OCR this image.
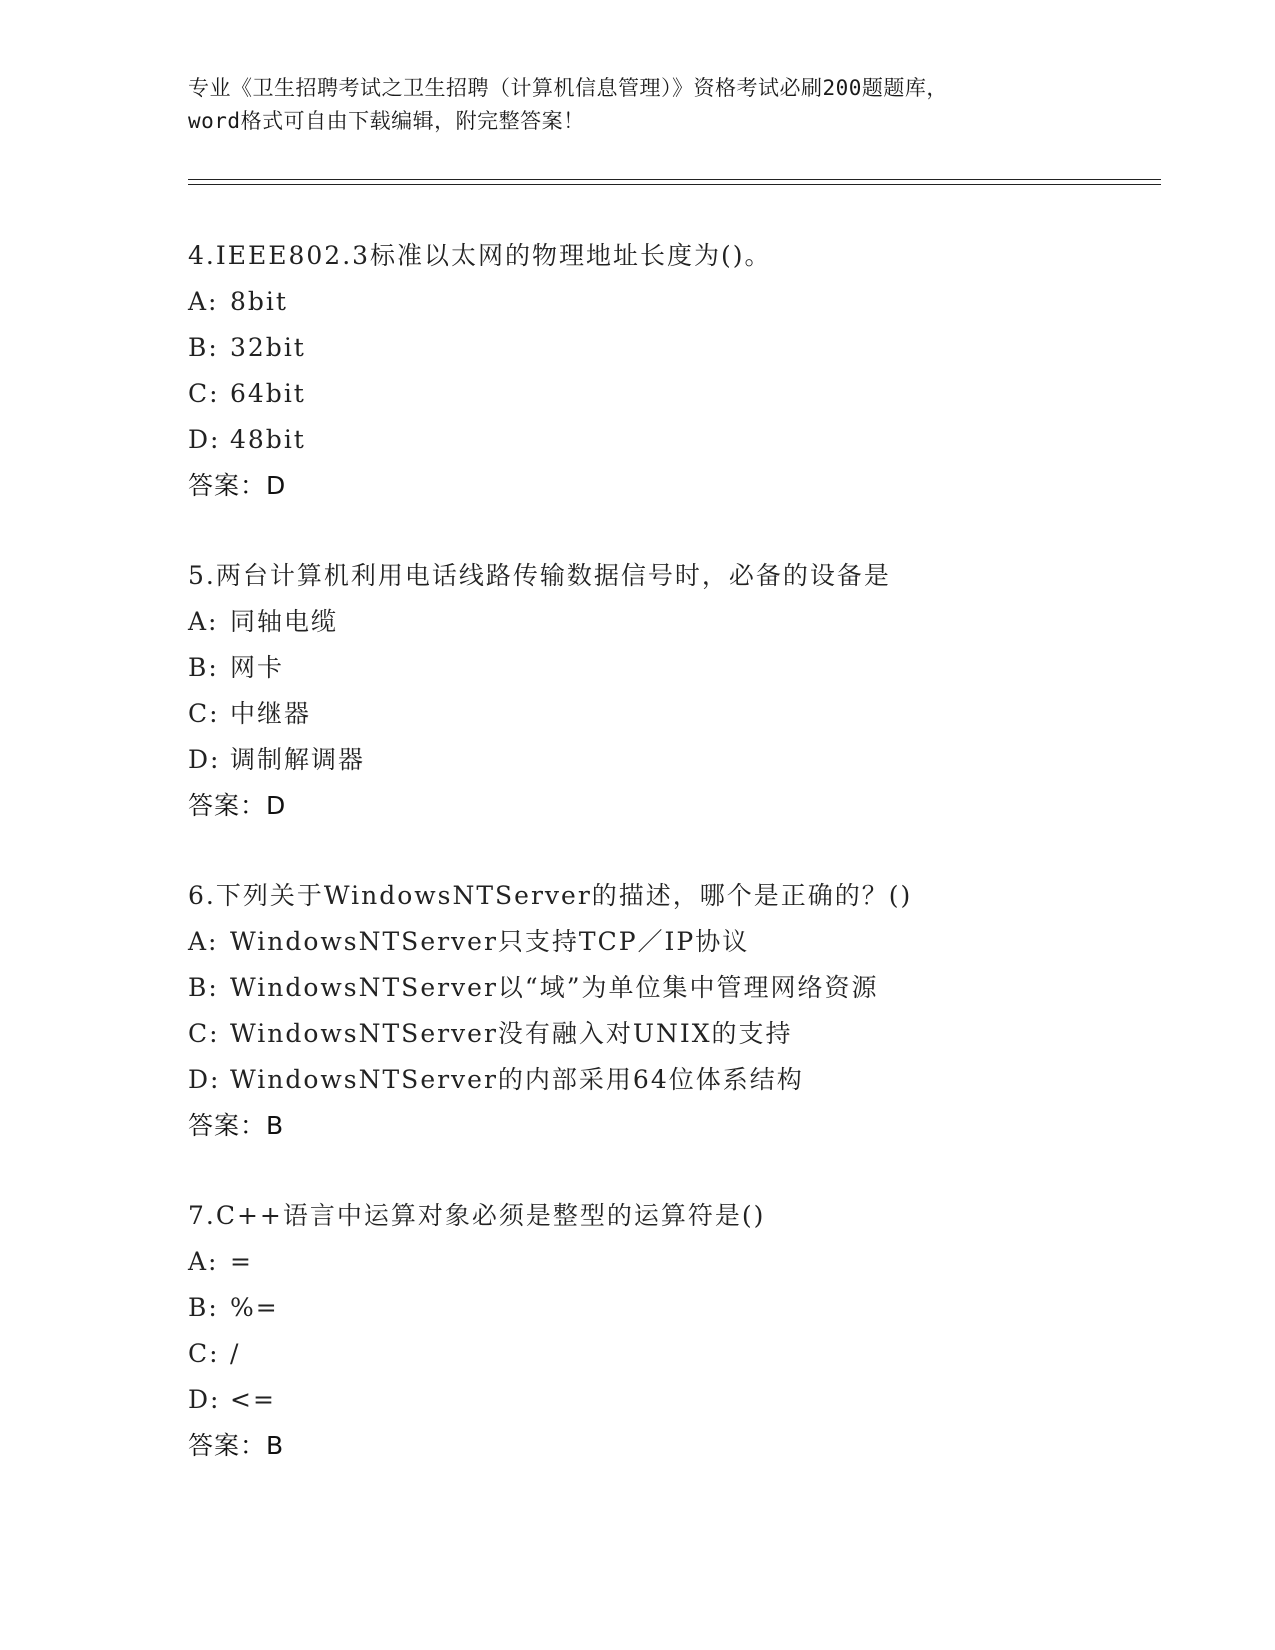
专业《卫生招聘考试之卫生招聘（计算机信息管理）》资格考试必刷200题题库，
word格式可自由下载编辑，附完整答案！
4.IEEE802.3标准以太网的物理地址长度为()。
A: 8bit
B: 32bit
C: 64bit
D: 48bit
答案：D
5.两台计算机利用电话线路传输数据信号时，必备的设备是
A: 同轴电缆
B: 网卡
C: 中继器
D: 调制解调器
答案：D
6.下列关于WindowsNTServer的描述，哪个是正确的？()
A: WindowsNTServer只支持TCP／IP协议
B: WindowsNTServer以“域”为单位集中管理网络资源
C: WindowsNTServer没有融入对UNIX的支持
D: WindowsNTServer的内部采用64位体系结构
答案：B
7.C++语言中运算对象必须是整型的运算符是()
A: =
B: %=
C: /
D: <=
答案：B
